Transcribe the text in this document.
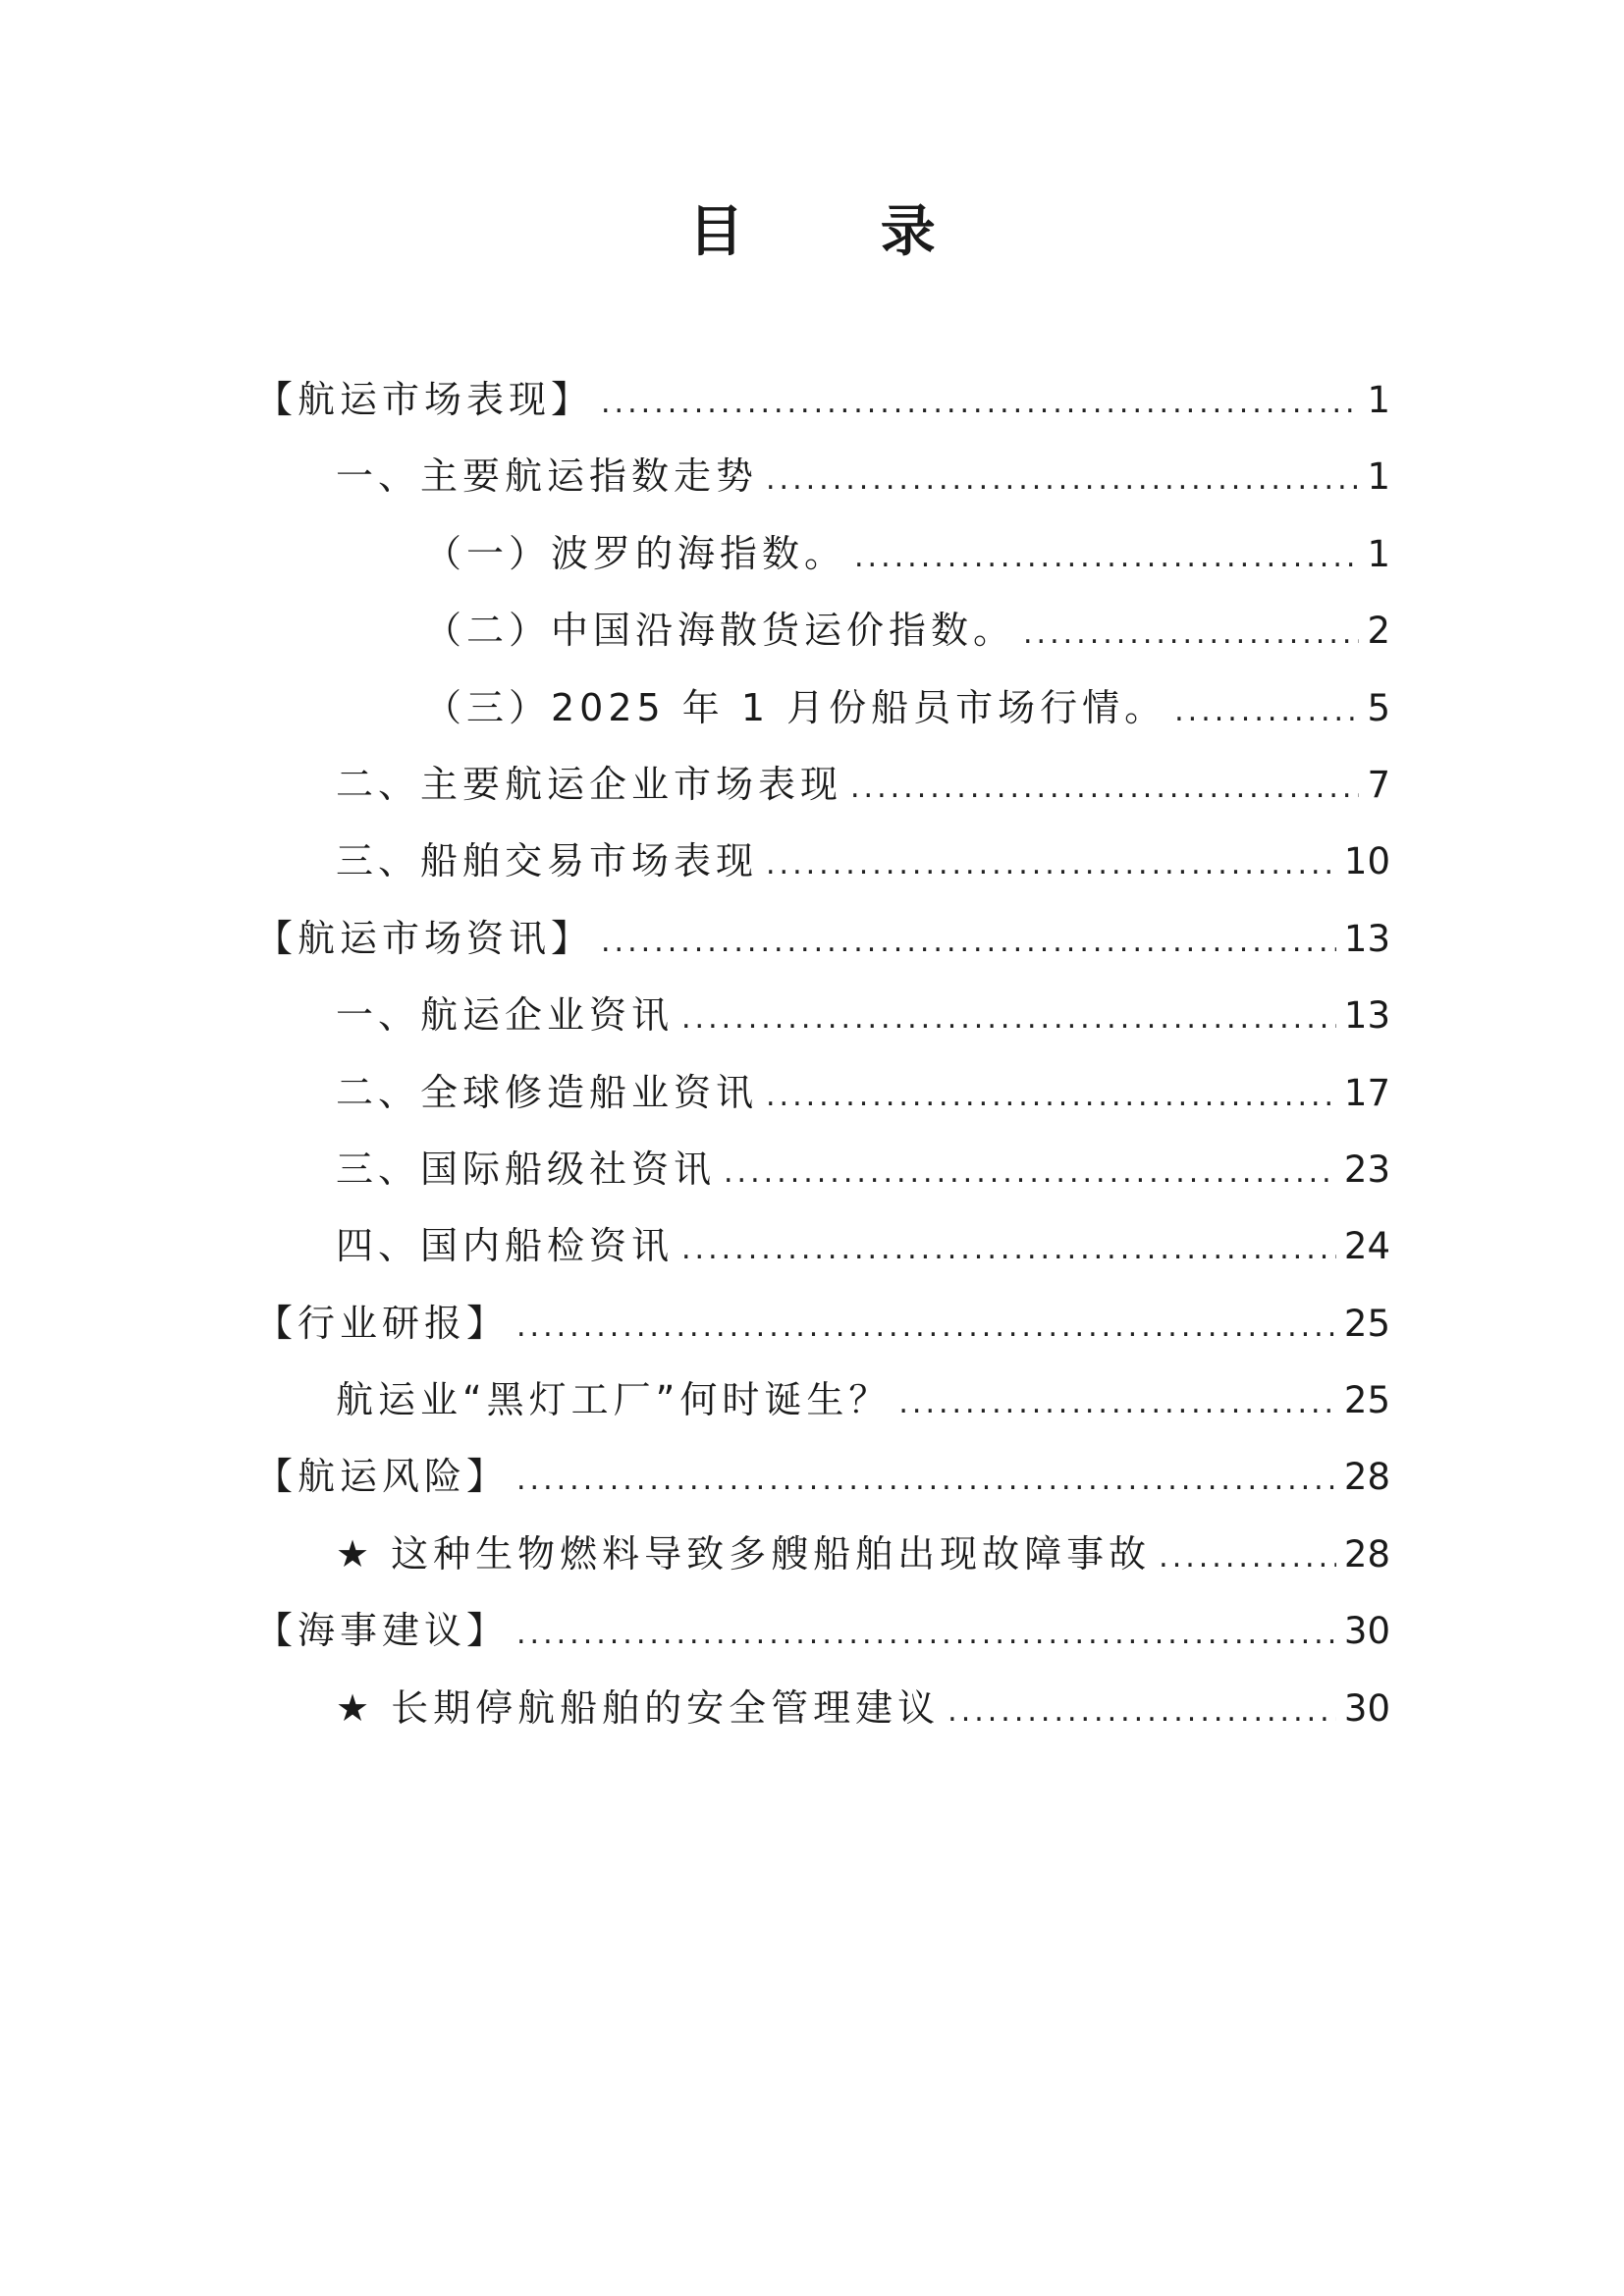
目 录
【航运市场表现】 .....	1
一、主要航运指数走势 .....	1
（一）波罗的海指数。 .....	1
（二）中国沿海散货运价指数。 .....	2
（三）2025 年 1 月份船员市场行情。 .....	5
二、主要航运企业市场表现 .....	7
三、船舶交易市场表现 .....	10
【航运市场资讯】 .....	13
一、航运企业资讯 .....	13
二、全球修造船业资讯 .....	17
三、国际船级社资讯 .....	23
四、国内船检资讯 .....	24
【行业研报】 .....	25
航运业“黑灯工厂”何时诞生？ .....	25
【航运风险】 .....	28
★ 这种生物燃料导致多艘船舶出现故障事故 .....	28
【海事建议】 .....	30
★ 长期停航船舶的安全管理建议 .....	30
